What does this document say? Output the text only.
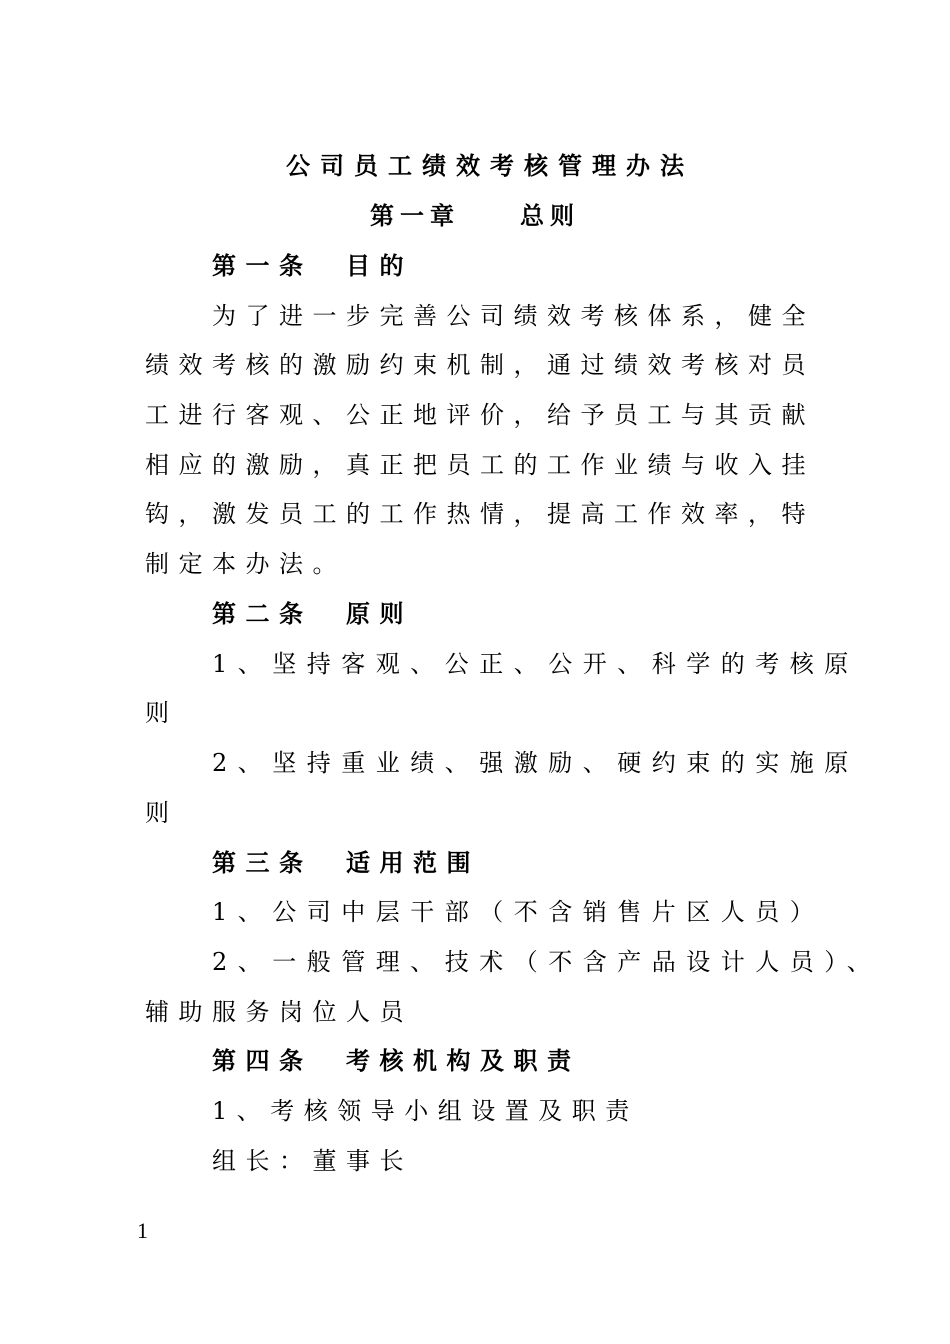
公司员工绩效考核管理办法
第一章　　总则
第一条　目的
为了进一步完善公司绩效考核体系，健全
绩效考核的激励约束机制，通过绩效考核对员
工进行客观、公正地评价，给予员工与其贡献
相应的激励，真正把员工的工作业绩与收入挂
钩，激发员工的工作热情，提高工作效率，特
制定本办法。
第二条　原则
1、坚持客观、公正、公开、科学的考核原
则
2、坚持重业绩、强激励、硬约束的实施原
则
第三条　适用范围
1、公司中层干部（不含销售片区人员）
2、一般管理、技术（不含产品设计人员）、
辅助服务岗位人员
第四条　考核机构及职责
1、考核领导小组设置及职责
组长：董事长
1
